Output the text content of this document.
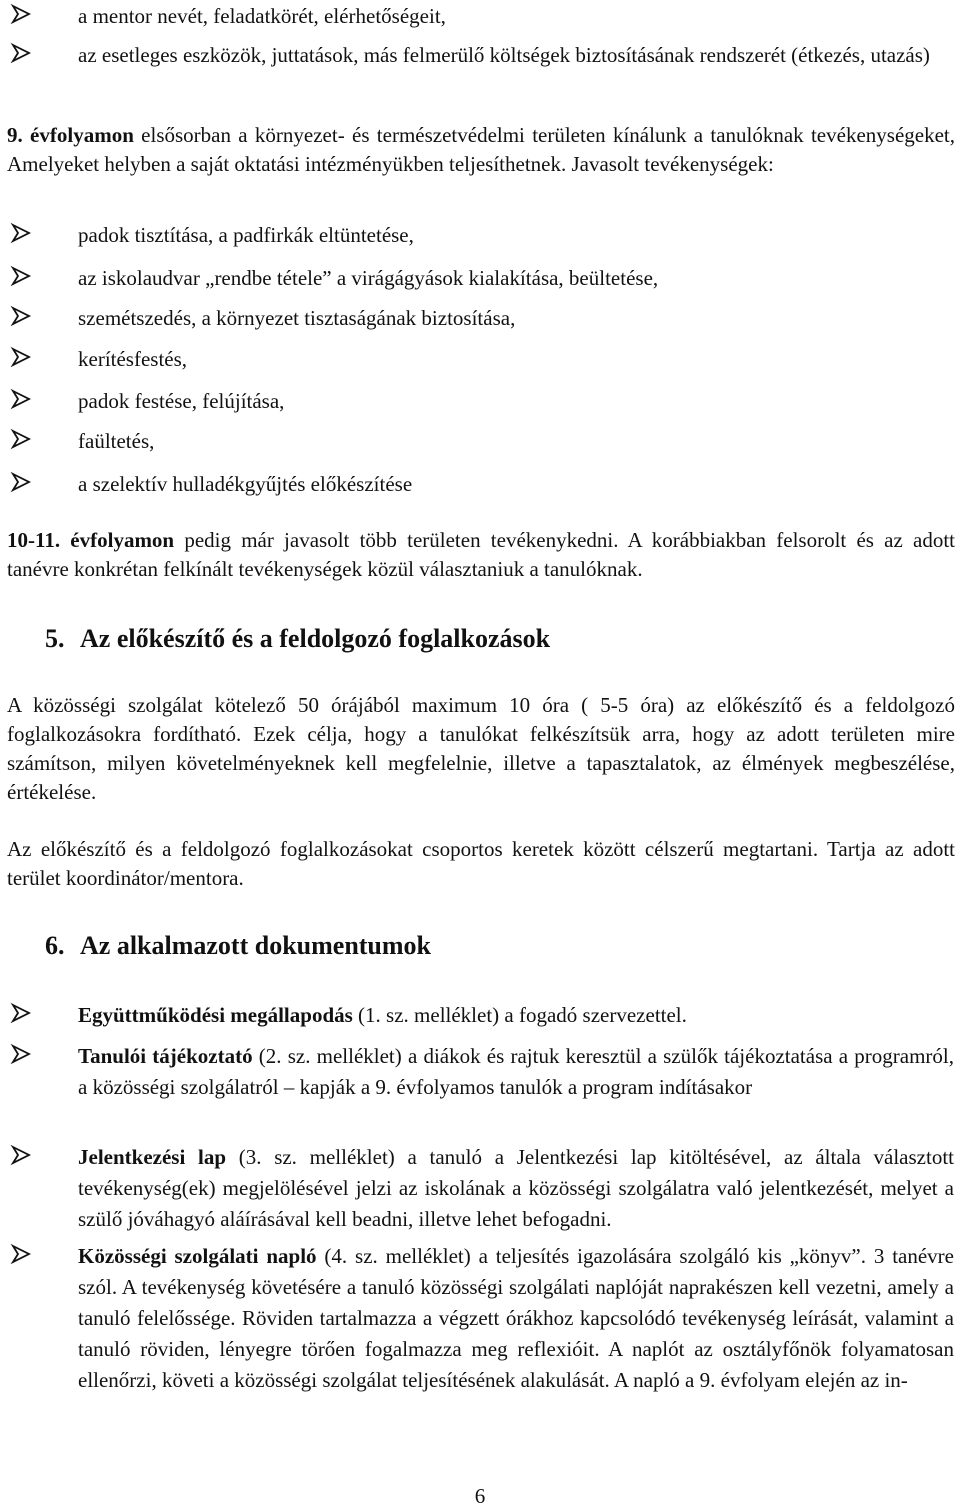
a mentor nevét, feladatkörét, elérhetőségeit,
az esetleges eszközök, juttatások, más felmerülő költségek biztosításának rendszerét (étkezés, utazás)
9. évfolyamon elsősorban a környezet- és természetvédelmi területen kínálunk a tanulóknak tevékenységeket, Amelyeket helyben a saját oktatási intézményükben teljesíthetnek. Javasolt tevékenységek:
padok tisztítása, a padfirkák eltüntetése,
az iskolaudvar „rendbe tétele” a virágágyások kialakítása, beültetése,
szemétszedés, a környezet tisztaságának biztosítása,
kerítésfestés,
padok festése, felújítása,
faültetés,
a szelektív hulladékgyűjtés előkészítése
10-11. évfolyamon pedig már javasolt több területen tevékenykedni. A korábbiakban felsorolt és az adott tanévre konkrétan felkínált tevékenységek közül választaniuk a tanulóknak.
5. Az előkészítő és a feldolgozó foglalkozások
A közösségi szolgálat kötelező 50 órájából maximum 10 óra ( 5-5 óra) az előkészítő és a feldolgozó foglalkozásokra fordítható. Ezek célja, hogy a tanulókat felkészítsük arra, hogy az adott területen mire számítson, milyen követelményeknek kell megfelelnie, illetve a tapasztalatok, az élmények megbeszélése, értékelése.
Az előkészítő és a feldolgozó foglalkozásokat csoportos keretek között célszerű megtartani. Tartja az adott terület koordinátor/mentora.
6. Az alkalmazott dokumentumok
Együttműködési megállapodás (1. sz. melléklet) a fogadó szervezettel.
Tanulói tájékoztató (2. sz. melléklet) a diákok és rajtuk keresztül a szülők tájékoztatása a programról, a közösségi szolgálatról – kapják a 9. évfolyamos tanulók a program indításakor
Jelentkezési lap (3. sz. melléklet) a tanuló a Jelentkezési lap kitöltésével, az általa választott tevékenység(ek) megjelölésével jelzi az iskolának a közösségi szolgálatra való jelentkezését, melyet a szülő jóváhagyó aláírásával kell beadni, illetve lehet befogadni.
Közösségi szolgálati napló (4. sz. melléklet) a teljesítés igazolására szolgáló kis „könyv”. 3 tanévre szól. A tevékenység követésére a tanuló közösségi szolgálati naplóját naprakészen kell vezetni, amely a tanuló felelőssége. Röviden tartalmazza a végzett órákhoz kapcsolódó tevékenység leírását, valamint a tanuló röviden, lényegre törően fogalmazza meg reflexióit. A naplót az osztályfőnök folyamatosan ellenőrzi, követi a közösségi szolgálat teljesítésének alakulását. A napló a 9. évfolyam elején az in-
6
